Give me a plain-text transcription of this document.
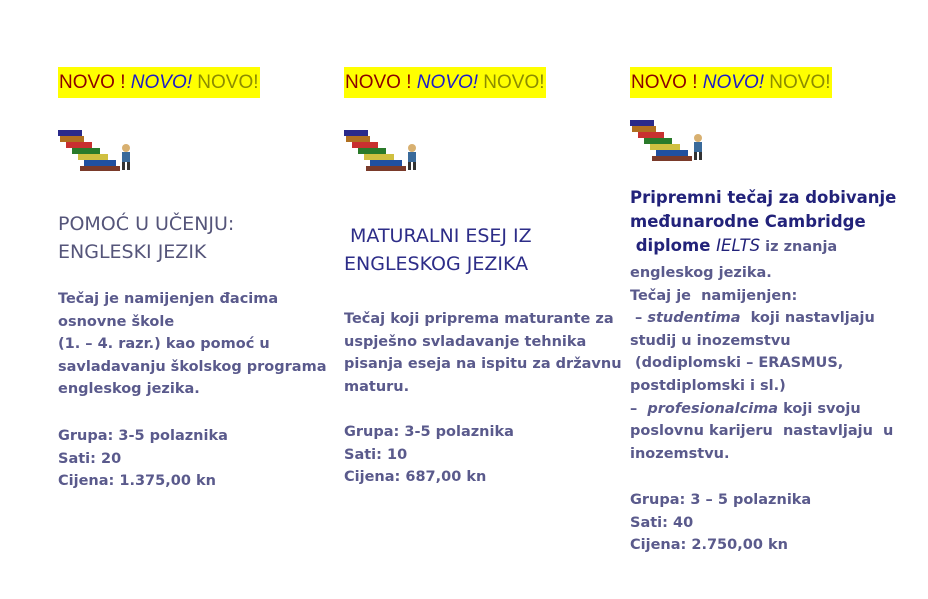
NOVO ! NOVO! NOVO!
POMOĆ U UČENJU:
ENGLESKI JEZIK
Tečaj je namijenjen đacima
osnovne škole
(1. – 4. razr.) kao pomoć u
savladavanju školskog programa
engleskog jezika.
Grupa: 3-5 polaznika
Sati: 20
Cijena: 1.375,00 kn
NOVO ! NOVO! NOVO!
MATURALNI ESEJ IZ
ENGLESKOG JEZIKA
Tečaj koji priprema maturante za
uspješno svladavanje tehnika
pisanja eseja na ispitu za državnu
maturu.
Grupa: 3-5 polaznika
Sati: 10
Cijena: 687,00 kn
NOVO ! NOVO! NOVO!
Pripremni tečaj za dobivanje
međunarodne Cambridge
diplome IELTS iz znanja
engleskog jezika.
Tečaj je  namijenjen:
– studentima  koji nastavljaju
studij u inozemstvu
(dodiplomski – ERASMUS,
postdiplomski i sl.)
–  profesionalcima koji svoju
poslovnu karijeru  nastavljaju  u
inozemstvu.
Grupa: 3 – 5 polaznika
Sati: 40
Cijena: 2.750,00 kn
